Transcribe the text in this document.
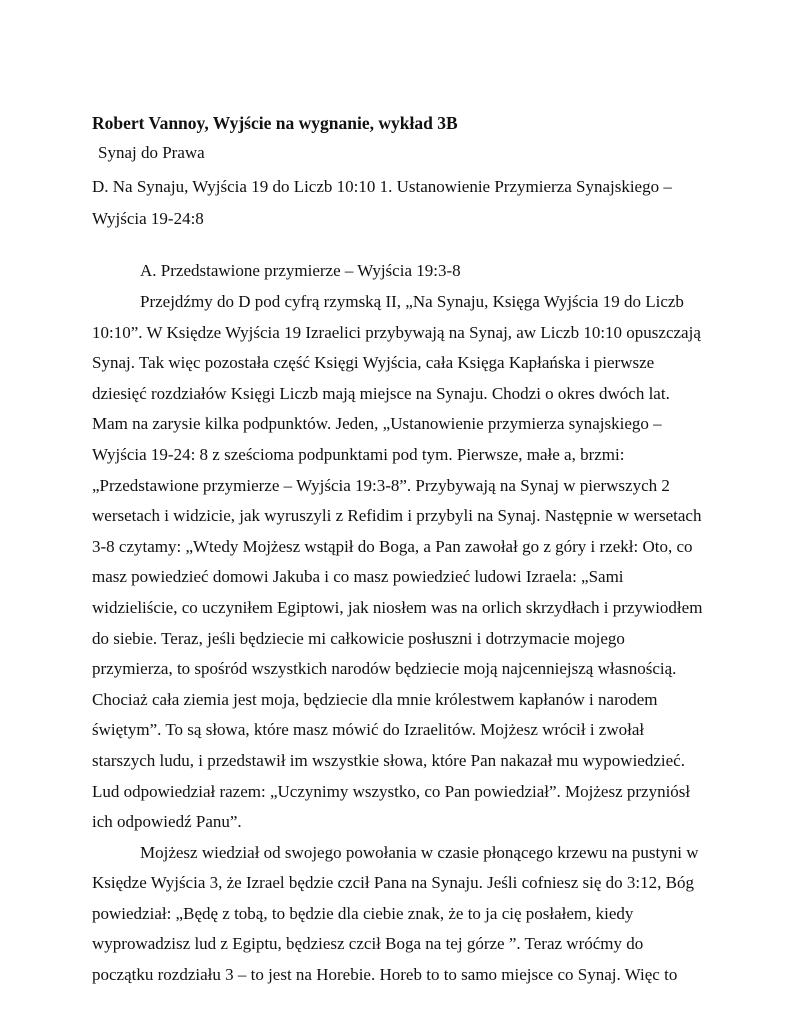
Robert Vannoy, Wyjście na wygnanie, wykład 3B
Synaj do Prawa
D. Na Synaju, Wyjścia 19 do Liczb 10:10 1. Ustanowienie Przymierza Synajskiego –
Wyjścia 19-24:8
A. Przedstawione przymierze – Wyjścia 19:3-8
Przejdźmy do D pod cyfrą rzymską II, „Na Synaju, Księga Wyjścia 19 do Liczb
10:10”. W Księdze Wyjścia 19 Izraelici przybywają na Synaj, aw Liczb 10:10 opuszczają
Synaj. Tak więc pozostała część Księgi Wyjścia, cała Księga Kapłańska i pierwsze
dziesięć rozdziałów Księgi Liczb mają miejsce na Synaju. Chodzi o okres dwóch lat.
Mam na zarysie kilka podpunktów. Jeden, „Ustanowienie przymierza synajskiego –
Wyjścia 19-24: 8 z sześcioma podpunktami pod tym. Pierwsze, małe a, brzmi:
„Przedstawione przymierze – Wyjścia 19:3-8”. Przybywają na Synaj w pierwszych 2
wersetach i widzicie, jak wyruszyli z Refidim i przybyli na Synaj. Następnie w wersetach
3-8 czytamy: „Wtedy Mojżesz wstąpił do Boga, a Pan zawołał go z góry i rzekł: Oto, co
masz powiedzieć domowi Jakuba i co masz powiedzieć ludowi Izraela: „Sami
widzieliście, co uczyniłem Egiptowi, jak niosłem was na orlich skrzydłach i przywiodłem
do siebie. Teraz, jeśli będziecie mi całkowicie posłuszni i dotrzymacie mojego
przymierza, to spośród wszystkich narodów będziecie moją najcenniejszą własnością.
Chociaż cała ziemia jest moja, będziecie dla mnie królestwem kapłanów i narodem
świętym”. To są słowa, które masz mówić do Izraelitów. Mojżesz wrócił i zwołał
starszych ludu, i przedstawił im wszystkie słowa, które Pan nakazał mu wypowiedzieć.
Lud odpowiedział razem: „Uczynimy wszystko, co Pan powiedział”. Mojżesz przyniósł
ich odpowiedź Panu”.
Mojżesz wiedział od swojego powołania w czasie płonącego krzewu na pustyni w
Księdze Wyjścia 3, że Izrael będzie czcił Pana na Synaju. Jeśli cofniesz się do 3:12, Bóg
powiedział: „Będę z tobą, to będzie dla ciebie znak, że to ja cię posłałem, kiedy
wyprowadzisz lud z Egiptu, będziesz czcił Boga na tej górze ”. Teraz wróćmy do
początku rozdziału 3 – to jest na Horebie. Horeb to to samo miejsce co Synaj. Więc to
